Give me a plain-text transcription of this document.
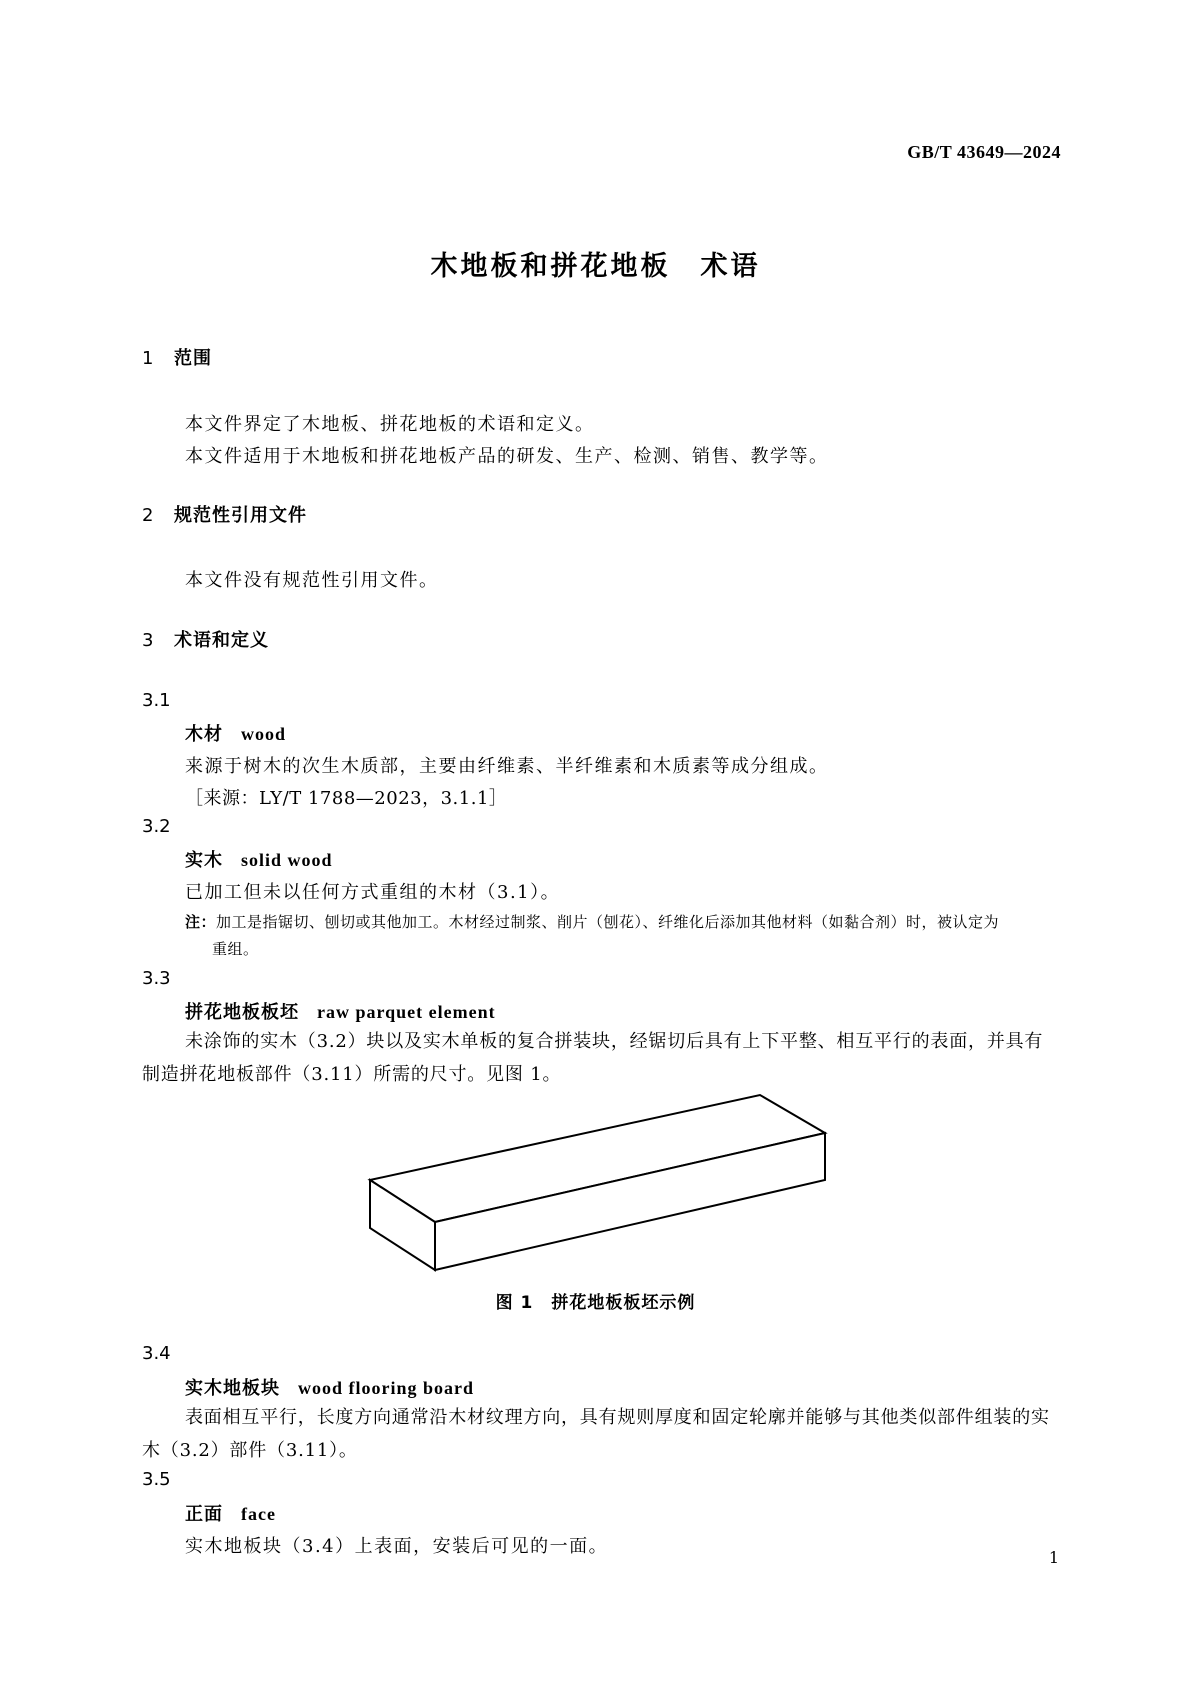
GB/T 43649—2024
木地板和拼花地板　术语
1 范围
本文件界定了木地板、拼花地板的术语和定义。
本文件适用于木地板和拼花地板产品的研发、生产、检测、销售、教学等。
2 规范性引用文件
本文件没有规范性引用文件。
3 术语和定义
3.1
木材 wood
来源于树木的次生木质部，主要由纤维素、半纤维素和木质素等成分组成。
［来源：LY/T 1788—2023，3.1.1］
3.2
实木 solid wood
已加工但未以任何方式重组的木材（3.1）。
注：加工是指锯切、刨切或其他加工。木材经过制浆、削片（刨花）、纤维化后添加其他材料（如黏合剂）时，被认定为
重组。
3.3
拼花地板板坯 raw parquet element
未涂饰的实木（3.2）块以及实木单板的复合拼装块，经锯切后具有上下平整、相互平行的表面，并具有制造拼花地板部件（3.11）所需的尺寸。见图 1。
图 1　拼花地板板坯示例
3.4
实木地板块 wood flooring board
表面相互平行，长度方向通常沿木材纹理方向，具有规则厚度和固定轮廓并能够与其他类似部件组装的实木（3.2）部件（3.11）。
3.5
正面 face
实木地板块（3.4）上表面，安装后可见的一面。
1
